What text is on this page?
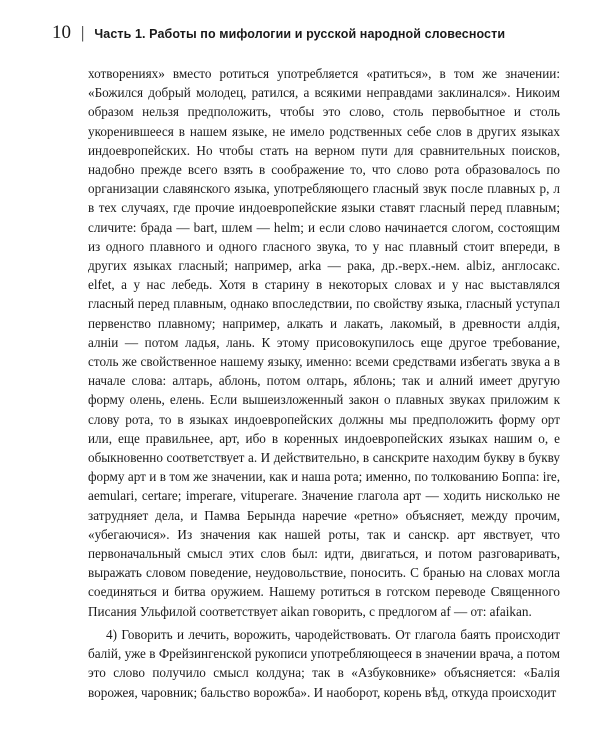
10 | Часть 1. Работы по мифологии и русской народной словесности

хотворениях» вместо ротиться употребляется «ратиться», в том же значении: «Божился добрый молодец, ратился, а всякими неправдами заклинался». Никоим образом нельзя предположить, чтобы это слово, столь первобытное и столь укоренившееся в нашем языке, не имело родственных себе слов в других языках индоевропейских. Но чтобы стать на верном пути для сравнительных поисков, надобно прежде всего взять в соображение то, что слово рота образовалось по организации славянского языка, употребляющего гласный звук после плавных р, л в тех случаях, где прочие индоевропейские языки ставят гласный перед плавным; сличите: брада — bart, шлем — helm; и если слово начинается слогом, состоящим из одного плавного и одного гласного звука, то у нас плавный стоит впереди, в других языках гласный; например, arka — рака, др.-верх.-нем. albiz, англосакс. elfet, а у нас лебедь. Хотя в старину в некоторых словах и у нас выставлялся гласный перед плавным, однако впоследствии, по свойству языка, гласный уступал первенство плавному; например, алкать и лакать, лакомый, в древности алдія, алніи — потом ладья, лань. К этому присовокупилось еще другое требование, столь же свойственное нашему языку, именно: всеми средствами избегать звука а в начале слова: алтарь, аблонь, потом олтарь, яблонь; так и алний имеет другую форму олень, елень. Если вышеизложенный закон о плавных звуках приложим к слову рота, то в языках индоевропейских должны мы предположить форму орт или, еще правильнее, арт, ибо в коренных индоевропейских языках нашим о, е обыкновенно соответствует а. И действительно, в санскрите находим букву в букву форму арт и в том же значении, как и наша рота; именно, по толкованию Боппа: ire, aemulari, certare; imperare, vituperare. Значение глагола арт — ходить нисколько не затрудняет дела, и Памва Берында наречие «ретно» объясняет, между прочим, «убегаючися». Из значения как нашей роты, так и санскр. арт явствует, что первоначальный смысл этих слов был: идти, двигаться, и потом разговаривать, выражать словом поведение, неудовольствие, поносить. С бранью на словах могла соединяться и битва оружием. Нашему ротиться в готском переводе Священного Писания Ульфилой соответствует aikan говорить, с предлогом af — от: afaikan.

4) Говорить и лечить, ворожить, чародействовать. От глагола баять происходит балій, уже в Фрейзингенской рукописи употребляющееся в значении врача, а потом это слово получило смысл колдуна; так в «Азбуковнике» объясняется: «Балія ворожея, чаровник; бальство ворожба». И наоборот, корень вѣд, откуда происходит
